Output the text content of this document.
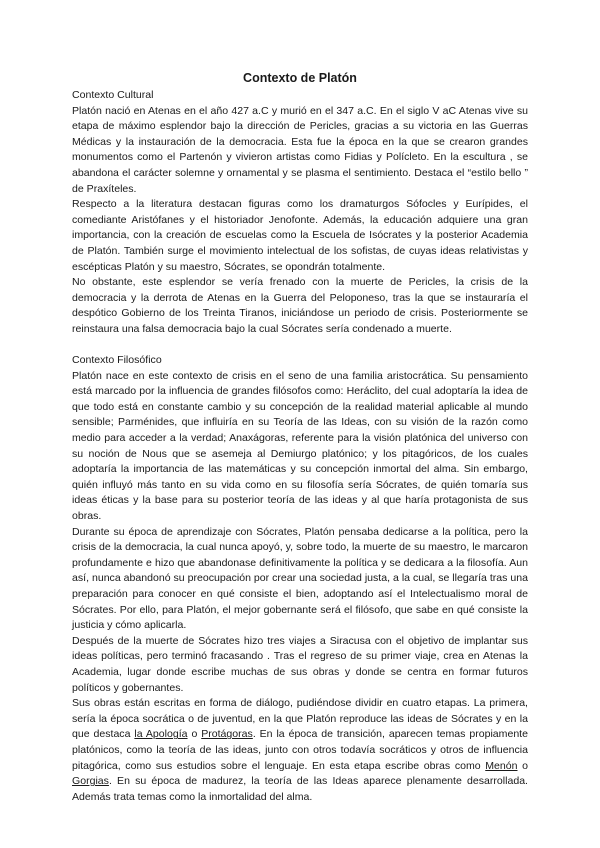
Contexto de Platón

Contexto Cultural

Platón nació en Atenas en el año 427 a.C y murió en el 347 a.C. En el siglo V aC Atenas vive su etapa de máximo esplendor bajo la dirección de Pericles, gracias a su victoria en las Guerras Médicas y la instauración de la democracia. Esta fue la época en la que se crearon grandes monumentos como el Partenón y vivieron artistas como Fidias y Polícleto. En la escultura , se abandona el carácter solemne y ornamental y se plasma el sentimiento. Destaca el “estilo bello ” de Praxíteles.

Respecto a la literatura destacan figuras como los dramaturgos Sófocles y Eurípides, el comediante Aristófanes y el historiador Jenofonte. Además, la educación adquiere una gran importancia, con la creación de escuelas como la Escuela de Isócrates y la posterior Academia de Platón. También surge el movimiento intelectual de los sofistas, de cuyas ideas relativistas y escépticas Platón y su maestro, Sócrates, se opondrán totalmente.

No obstante, este esplendor se vería frenado con la muerte de Pericles, la crisis de la democracia y la derrota de Atenas en la Guerra del Peloponeso, tras la que se instauraría el despótico Gobierno de los Treinta Tiranos, iniciándose un periodo de crisis. Posteriormente se reinstaura una falsa democracia bajo la cual Sócrates sería condenado a muerte.

Contexto Filosófico

Platón nace en este contexto de crisis en el seno de una familia aristocrática. Su pensamiento está marcado por la influencia de grandes filósofos como: Heráclito, del cual adoptaría la idea de que todo está en constante cambio y su concepción de la realidad material aplicable al mundo sensible; Parménides, que influiría en su Teoría de las Ideas, con su visión de la razón como medio para acceder a la verdad; Anaxágoras, referente para la visión platónica del universo con su noción de Nous que se asemeja al Demiurgo platónico; y los pitagóricos, de los cuales adoptaría la importancia de las matemáticas y su concepción inmortal del alma. Sin embargo, quién influyó más tanto en su vida como en su filosofía sería Sócrates, de quién tomaría sus ideas éticas y la base para su posterior teoría de las ideas y al que haría protagonista de sus obras.

Durante su época de aprendizaje con Sócrates, Platón pensaba dedicarse a la política, pero la crisis de la democracia, la cual nunca apoyó, y, sobre todo, la muerte de su maestro, le marcaron profundamente e hizo que abandonase definitivamente la política y se dedicara a la filosofía. Aun así, nunca abandonó su preocupación por crear una sociedad justa, a la cual, se llegaría tras una preparación para conocer en qué consiste el bien, adoptando así el Intelectualismo moral de Sócrates. Por ello, para Platón, el mejor gobernante será el filósofo, que sabe en qué consiste la justicia y cómo aplicarla.

Después de la muerte de Sócrates hizo tres viajes a Siracusa con el objetivo de implantar sus ideas políticas, pero terminó fracasando . Tras el regreso de su primer viaje, crea en Atenas la Academia, lugar donde escribe muchas de sus obras y donde se centra en formar futuros políticos y gobernantes.

Sus obras están escritas en forma de diálogo, pudiéndose dividir en cuatro etapas. La primera, sería la época socrática o de juventud, en la que Platón reproduce las ideas de Sócrates y en la que destaca la Apología o Protágoras. En la época de transición, aparecen temas propiamente platónicos, como la teoría de las ideas, junto con otros todavía socráticos y otros de influencia pitagórica, como sus estudios sobre el lenguaje. En esta etapa escribe obras como Menón o Gorgias. En su época de madurez, la teoría de las Ideas aparece plenamente desarrollada. Además trata temas como la inmortalidad del alma.
